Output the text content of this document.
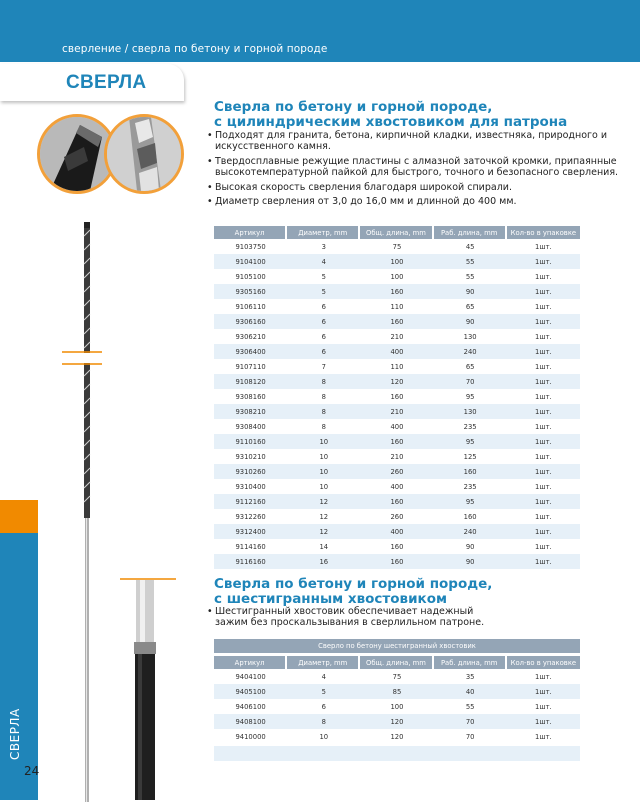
сверление / сверла по бетону и горной породе
СВЕРЛА
СВЕРЛА
24
Сверла по бетону и горной породе,
с цилиндрическим хвостовиком для патрона
• Подходят для гранита, бетона, кирпичной кладки, известняка, природного и искусственного камня.
• Твердосплавные режущие пластины с алмазной заточкой кромки, припаянные высокотемпературной пайкой для быстрого, точного и безопасного сверления.
• Высокая скорость сверления благодаря широкой спирали.
• Диаметр сверления от 3,0 до 16,0 мм и длинной до 400 мм.
Артикул	Диаметр, mm	Общ. длина, mm	Раб. длина, mm	Кол-во в упаковке
9103750	3	75	45	1шт.
9104100	4	100	55	1шт.
9105100	5	100	55	1шт.
9305160	5	160	90	1шт.
9106110	6	110	65	1шт.
9306160	6	160	90	1шт.
9306210	6	210	130	1шт.
9306400	6	400	240	1шт.
9107110	7	110	65	1шт.
9108120	8	120	70	1шт.
9308160	8	160	95	1шт.
9308210	8	210	130	1шт.
9308400	8	400	235	1шт.
9110160	10	160	95	1шт.
9310210	10	210	125	1шт.
9310260	10	260	160	1шт.
9310400	10	400	235	1шт.
9112160	12	160	95	1шт.
9312260	12	260	160	1шт.
9312400	12	400	240	1шт.
9114160	14	160	90	1шт.
9116160	16	160	90	1шт.
Сверла по бетону и горной породе,
с шестигранным хвостовиком
• Шестигранный хвостовик обеспечивает надежный зажим без проскальзывания в сверлильном патроне.
Сверло по бетону шестигранный хвостовик
Артикул	Диаметр, mm	Общ. длина, mm	Раб. длина, mm	Кол-во в упаковке
9404100	4	75	35	1шт.
9405100	5	85	40	1шт.
9406100	6	100	55	1шт.
9408100	8	120	70	1шт.
9410000	10	120	70	1шт.
